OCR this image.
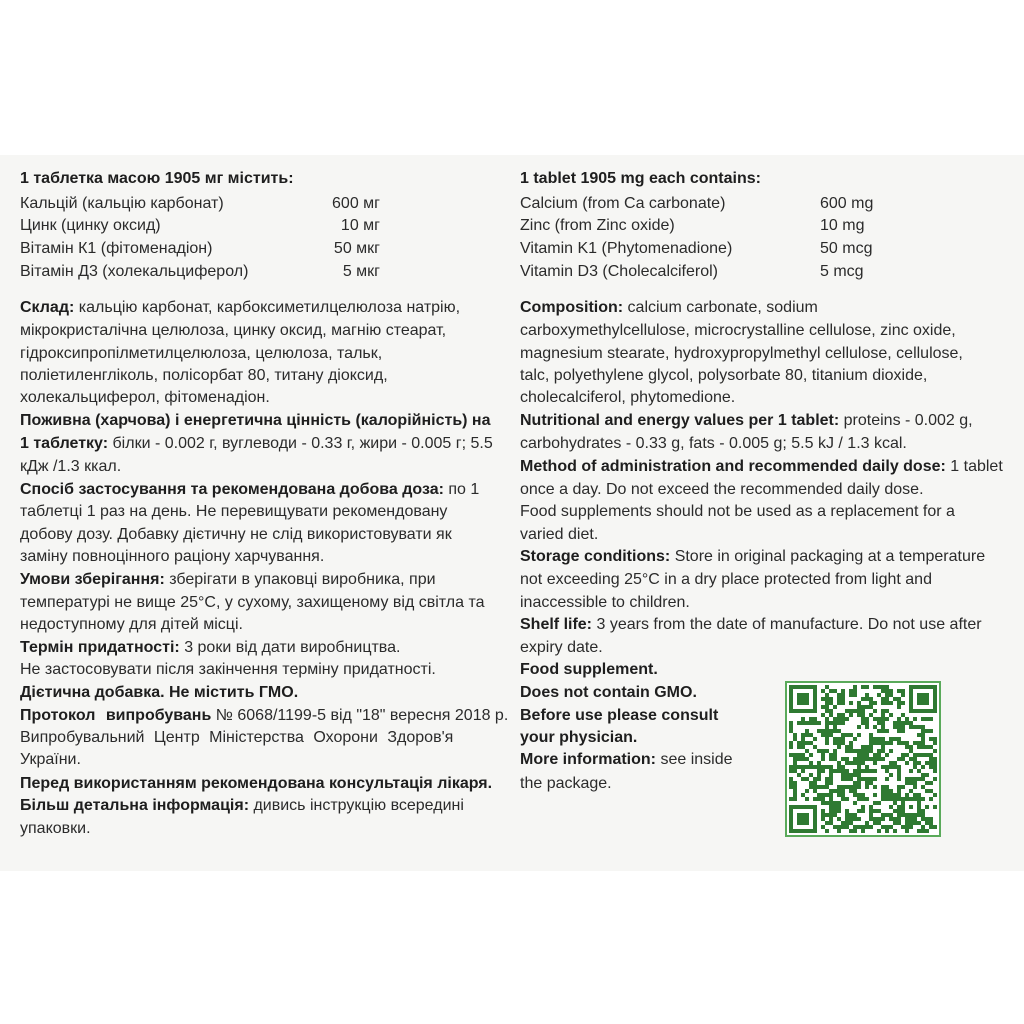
1 таблетка масою 1905 мг містить:
Кальцій (кальцію карбонат)	600 мг
Цинк (цинку оксид)	10 мг
Вітамін К1 (фітоменадіон)	50 мкг
Вітамін Д3 (холекальциферол)	5 мкг
Склад: кальцію карбонат, карбоксиметилцелюлоза натрію,
мікрокристалічна целюлоза, цинку оксид, магнію стеарат,
гідроксипропілметилцелюлоза, целюлоза, тальк,
поліетиленгліколь, полісорбат 80, титану діоксид,
холекальциферол, фітоменадіон.
Поживна (харчова) і енергетична цінність (калорійність) на
1 таблетку: білки - 0.002 г, вуглеводи - 0.33 г, жири - 0.005 г; 5.5
кДж /1.3 ккал.
Спосіб застосування та рекомендована добова доза: по 1
таблетці 1 раз на день. Не перевищувати рекомендовану
добову дозу. Добавку дієтичну не слід використовувати як
заміну повноцінного раціону харчування.
Умови зберігання: зберігати в упаковці виробника, при
температурі не вище 25°С, у сухому, захищеному від світла та
недоступному для дітей місці.
Термін придатності: 3 роки від дати виробництва.
Не застосовувати після закінчення терміну придатності.
Дієтична добавка. Не містить ГМО.
Протокол випробувань № 6068/1199-5 від "18" вересня 2018 р.
Випробувальний Центр Міністерства Охорони Здоров'я
України.
Перед використанням рекомендована консультація лікаря.
Більш детальна інформація: дивись інструкцію всередині
упаковки.
1 tablet 1905 mg each contains:
Calcium (from Ca carbonate)	600 mg
Zinc (from Zinc oxide)	10 mg
Vitamin K1 (Phytomenadione)	50 mcg
Vitamin D3 (Cholecalciferol)	5 mcg
Composition: calcium carbonate, sodium
carboxymethylcellulose, microcrystalline cellulose, zinc oxide,
magnesium stearate, hydroxypropylmethyl cellulose, cellulose,
talc, polyethylene glycol, polysorbate 80, titanium dioxide,
cholecalciferol, phytomedione.
Nutritional and energy values per 1 tablet: proteins - 0.002 g,
carbohydrates - 0.33 g, fats - 0.005 g; 5.5 kJ / 1.3 kcal.
Method of administration and recommended daily dose: 1 tablet
once a day. Do not exceed the recommended daily dose.
Food supplements should not be used as a replacement for a
varied diet.
Storage conditions: Store in original packaging at a temperature
not exceeding 25°C in a dry place protected from light and
inaccessible to children.
Shelf life: 3 years from the date of manufacture. Do not use after
expiry date.
Food supplement.
Does not contain GMO.
Before use please consult
your physician.
More information: see inside
the package.
